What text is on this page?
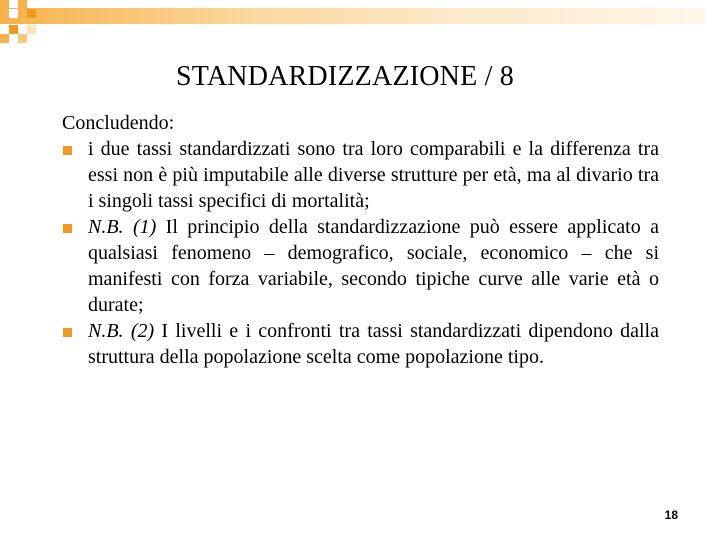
STANDARDIZZAZIONE / 8

Concludendo:

i due tassi standardizzati sono tra loro comparabili e la differenza tra essi non è più imputabile alle diverse strutture per età, ma al divario tra i singoli tassi specifici di mortalità;
N.B. (1) Il principio della standardizzazione può essere applicato a qualsiasi fenomeno – demografico, sociale, economico – che si manifesti con forza variabile, secondo tipiche curve alle varie età o durate;
N.B. (2) I livelli e i confronti tra tassi standardizzati dipendono dalla struttura della popolazione scelta come popolazione tipo.
18
